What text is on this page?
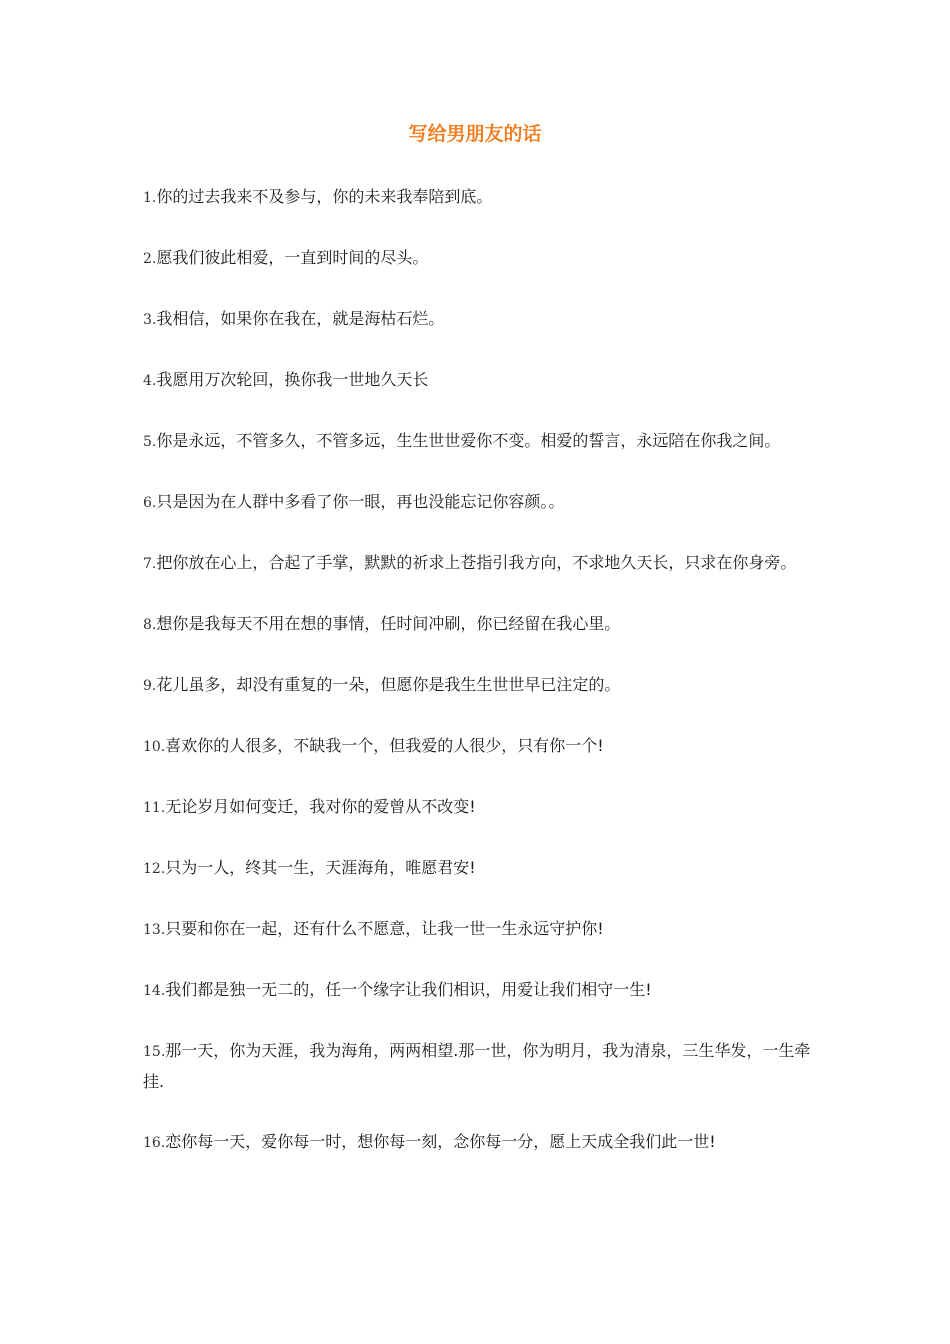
写给男朋友的话
1.你的过去我来不及参与，你的未来我奉陪到底。
2.愿我们彼此相爱，一直到时间的尽头。
3.我相信，如果你在我在，就是海枯石烂。
4.我愿用万次轮回，换你我一世地久天长
5.你是永远，不管多久，不管多远，生生世世爱你不变。相爱的誓言，永远陪在你我之间。
6.只是因为在人群中多看了你一眼，再也没能忘记你容颜。。
7.把你放在心上，合起了手掌，默默的祈求上苍指引我方向，不求地久天长，只求在你身旁。
8.想你是我每天不用在想的事情，任时间冲刷，你已经留在我心里。
9.花儿虽多，却没有重复的一朵，但愿你是我生生世世早已注定的。
10.喜欢你的人很多，不缺我一个，但我爱的人很少，只有你一个!
11.无论岁月如何变迁，我对你的爱曾从不改变!
12.只为一人，终其一生，天涯海角，唯愿君安!
13.只要和你在一起，还有什么不愿意，让我一世一生永远守护你!
14.我们都是独一无二的，任一个缘字让我们相识，用爱让我们相守一生!
15.那一天，你为天涯，我为海角，两两相望.那一世，你为明月，我为清泉，三生华发，一生牵挂.
16.恋你每一天，爱你每一时，想你每一刻，念你每一分，愿上天成全我们此一世!
